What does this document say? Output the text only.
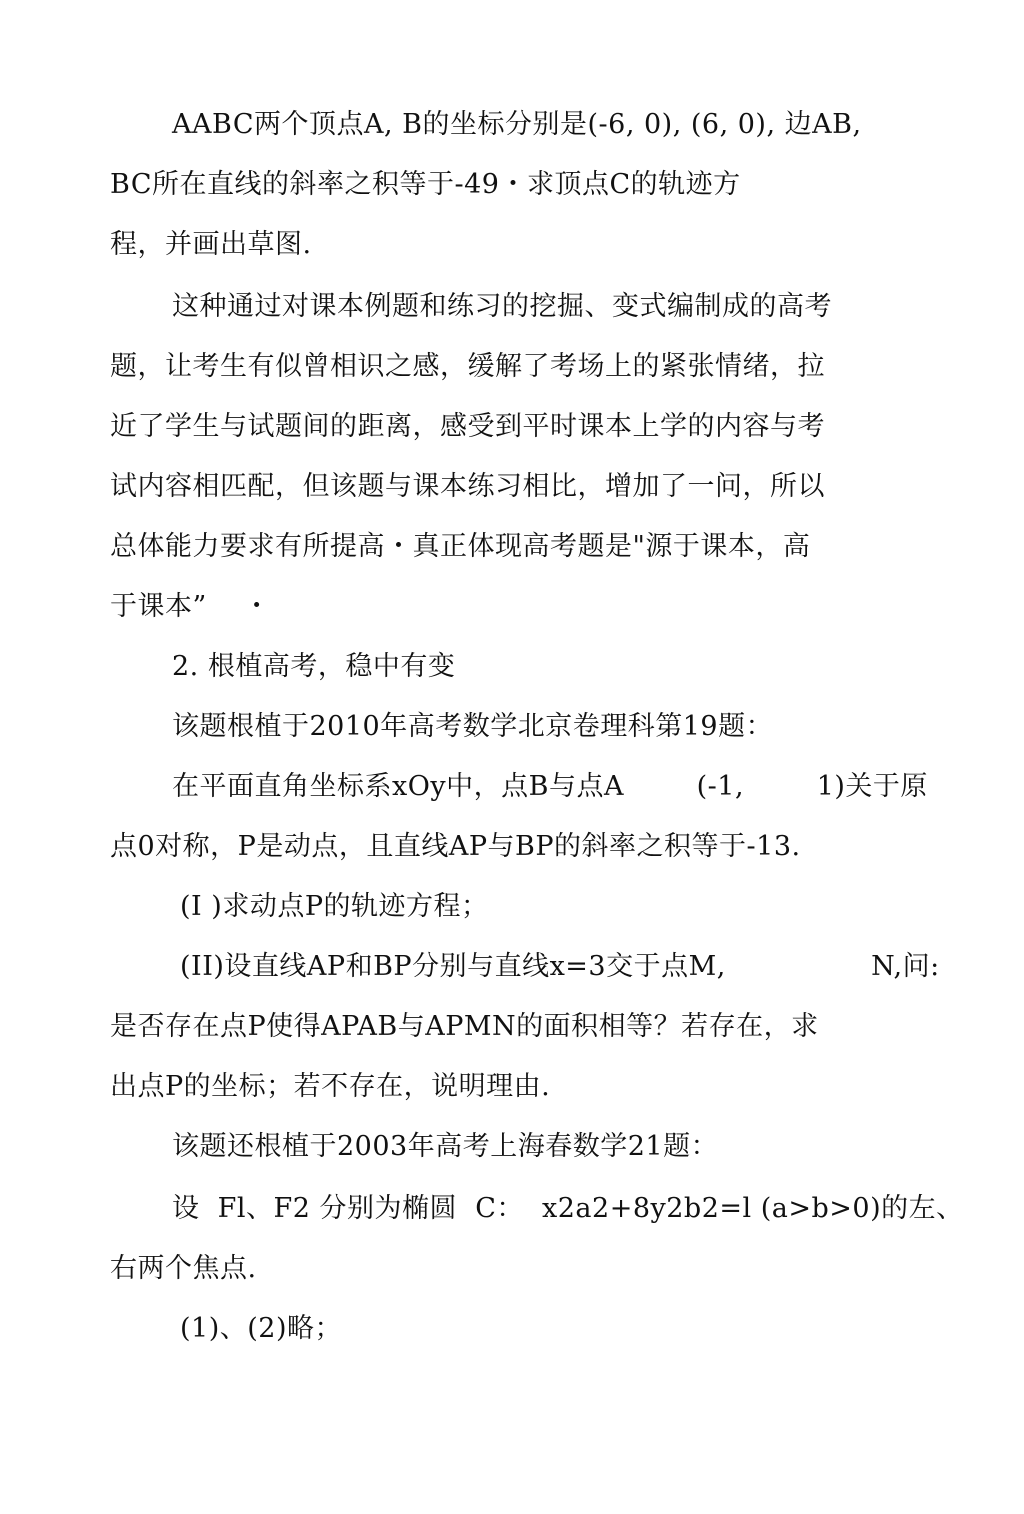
AABC两个顶点A, B的坐标分别是(-6, 0), (6, 0), 边AB,
BC所在直线的斜率之积等于-49・求顶点C的轨迹方
程，并画出草图.
这种通过对课本例题和练习的挖掘、变式编制成的高考
题，让考生有似曾相识之感，缓解了考场上的紧张情绪，拉
近了学生与试题间的距离，感受到平时课本上学的内容与考
试内容相匹配，但该题与课本练习相比，增加了一问，所以
总体能力要求有所提高・真正体现高考题是"源于课本，高
于课本”    ・
2. 根植高考，稳中有变
该题根植于2010年高考数学北京卷理科第19题：
在平面直角坐标系xOy中，点B与点A        (-1,        1)关于原
点0对称，P是动点，且直线AP与BP的斜率之积等于-13.
(I )求动点P的轨迹方程；
(II)设直线AP和BP分别与直线x=3交于点M,                N,问:
是否存在点P使得APAB与APMN的面积相等？若存在，求
出点P的坐标；若不存在，说明理由.
该题还根植于2003年高考上海春数学21题：
设  Fl、F2 分别为椭圆  C：  x2a2+8y2b2=l (a>b>0)的左、
右两个焦点.
(1)、(2)略；
